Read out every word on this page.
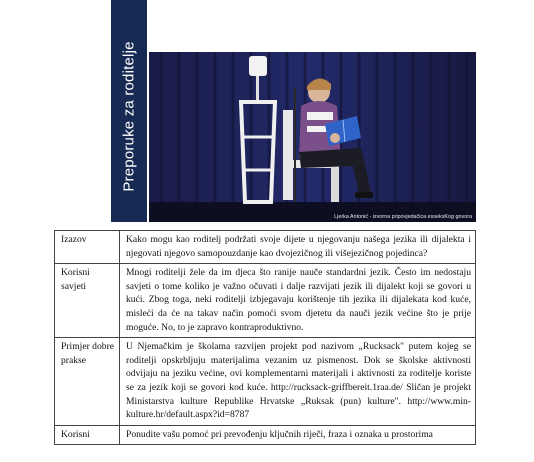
Preporuke za roditelje
Ljerka Antonić - izvorna pripovjedačica esseksKog govora
Izazov	Kako mogu kao roditelj podržati svoje dijete u njegovanju našega jezika ili dijalekta i njegovati njegovo samopouzdanje kao dvojezičnog ili višejezičnog pojedinca?
Korisni savjeti	Mnogi roditelji žele da im djeca što ranije nauče standardni jezik. Često im nedostaju savjeti o tome koliko je važno očuvati i dalje razvijati jezik ili dijalekt koji se govori u kući. Zbog toga, neki roditelji izbjegavaju korištenje tih jezika ili dijalekata kod kuće, misleći da će na takav način pomoći svom djetetu da nauči jezik većine što je prije moguće. No, to je zapravo kontraproduktivno.
Primjer dobre prakse	U Njemačkim je školama razvijen projekt pod nazivom „Rucksack" putem kojeg se roditelji opskrbljuju materijalima vezanim uz pismenost. Dok se školske aktivnosti odvijaju na jeziku većine, ovi komplementarni materijali i aktivnosti za roditelje koriste se za jezik koji se govori kod kuće. http://rucksack-griffbereit.1raa.de/ Sličan je projekt Ministarstva kulture Republike Hrvatske „Ruksak (pun) kulture". http://www.min-kulture.hr/default.aspx?id=8787
Korisni	Ponudite vašu pomoć pri prevođenju ključnih riječi, fraza i oznaka u prostorima
